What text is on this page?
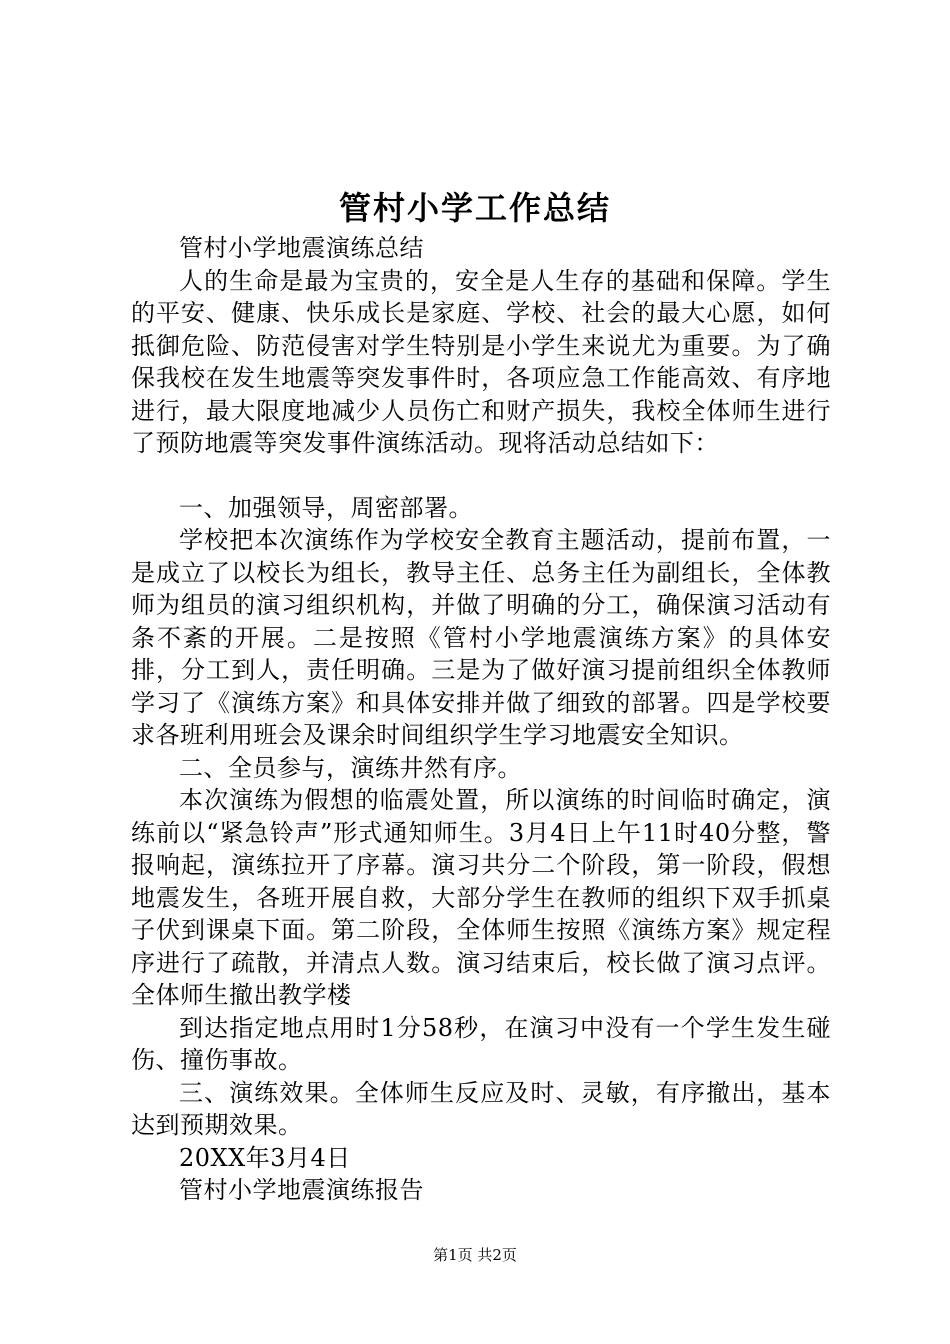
管村小学工作总结

管村小学地震演练总结

人的生命是最为宝贵的，安全是人生存的基础和保障。学生的平安、健康、快乐成长是家庭、学校、社会的最大心愿，如何抵御危险、防范侵害对学生特别是小学生来说尤为重要。为了确保我校在发生地震等突发事件时，各项应急工作能高效、有序地进行，最大限度地减少人员伤亡和财产损失，我校全体师生进行了预防地震等突发事件演练活动。现将活动总结如下：

一、加强领导，周密部署。

学校把本次演练作为学校安全教育主题活动，提前布置，一是成立了以校长为组长，教导主任、总务主任为副组长，全体教师为组员的演习组织机构，并做了明确的分工，确保演习活动有条不紊的开展。二是按照《管村小学地震演练方案》的具体安排，分工到人，责任明确。三是为了做好演习提前组织全体教师学习了《演练方案》和具体安排并做了细致的部署。四是学校要求各班利用班会及课余时间组织学生学习地震安全知识。

二、全员参与，演练井然有序。

本次演练为假想的临震处置，所以演练的时间临时确定，演练前以“紧急铃声”形式通知师生。3月4日上午11时40分整，警报响起，演练拉开了序幕。演习共分二个阶段，第一阶段，假想地震发生，各班开展自救，大部分学生在教师的组织下双手抓桌子伏到课桌下面。第二阶段，全体师生按照《演练方案》规定程序进行了疏散，并清点人数。演习结束后，校长做了演习点评。全体师生撤出教学楼

到达指定地点用时1分58秒，在演习中没有一个学生发生碰伤、撞伤事故。

三、演练效果。全体师生反应及时、灵敏，有序撤出，基本达到预期效果。

20XX年3月4日

管村小学地震演练报告

第1页 共2页
